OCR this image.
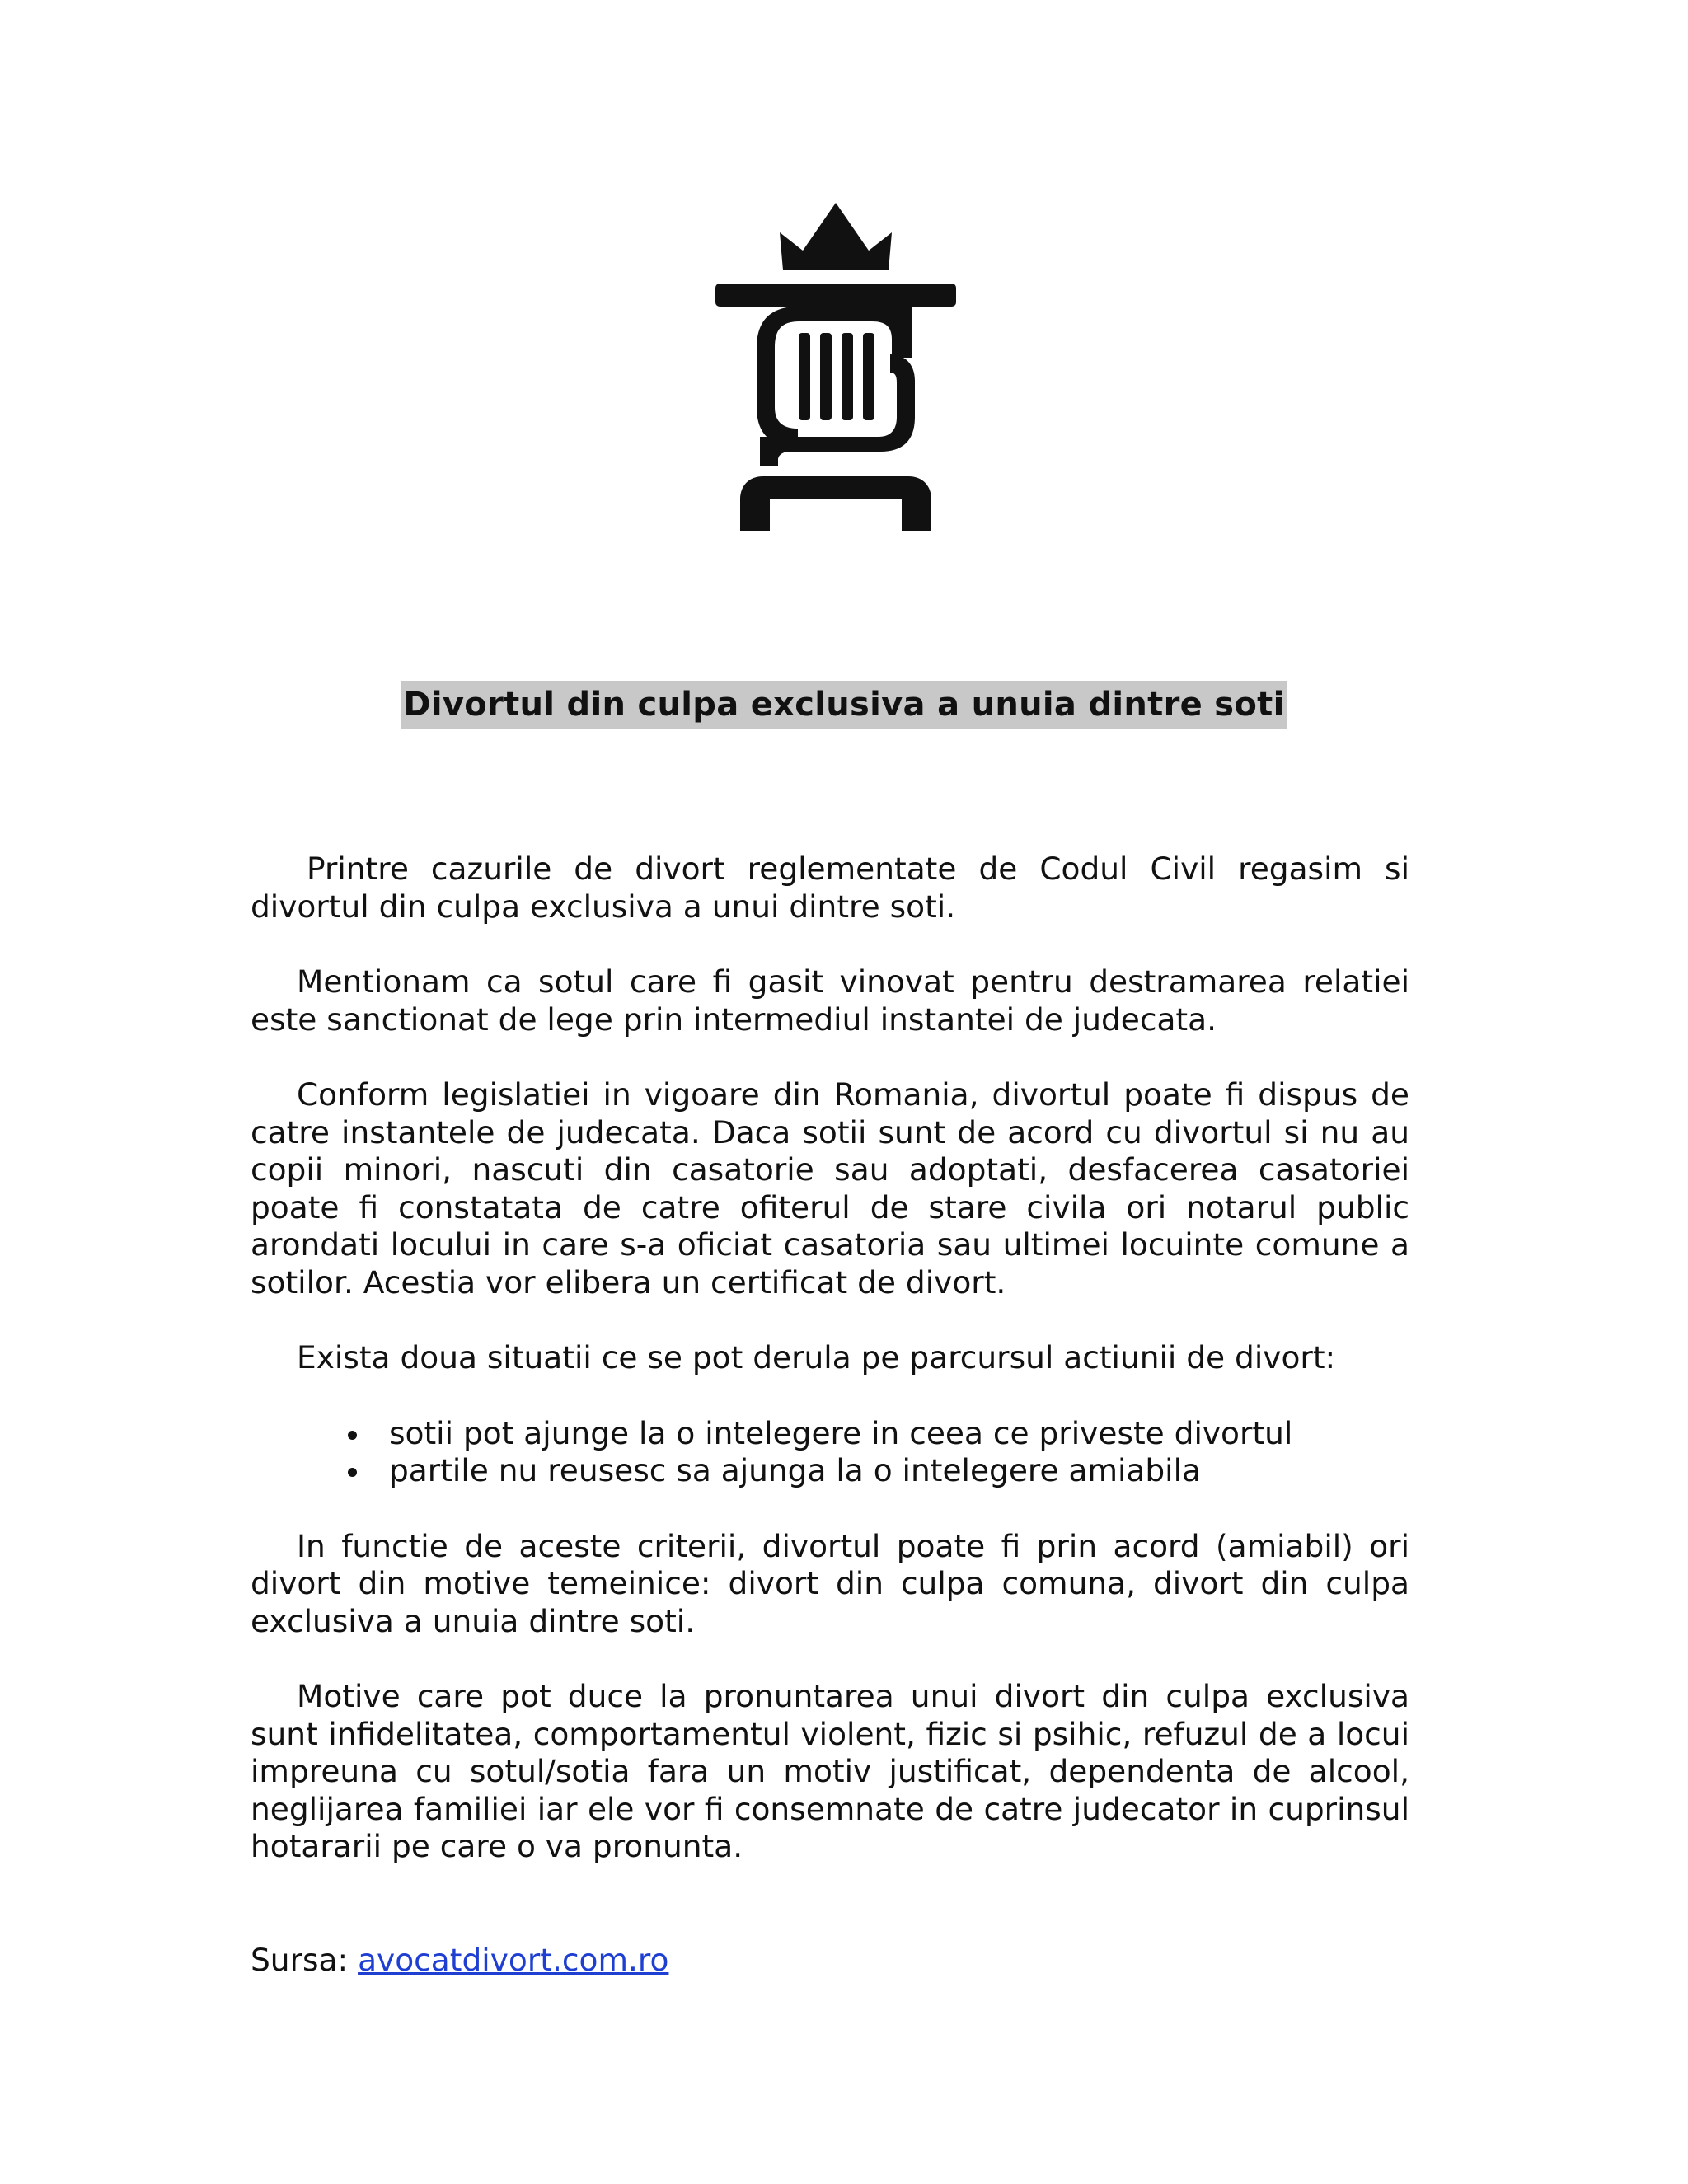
Divortul din culpa exclusiva a unuia dintre soti

Printre cazurile de divort reglementate de Codul Civil regasim si divortul din culpa exclusiva a unui dintre soti.

Mentionam ca sotul care fi gasit vinovat pentru destramarea relatiei este sanctionat de lege prin intermediul instantei de judecata.

Conform legislatiei in vigoare din Romania, divortul poate fi dispus de catre instantele de judecata. Daca sotii sunt de acord cu divortul si nu au copii minori, nascuti din casatorie sau adoptati, desfacerea casatoriei poate fi constatata de catre ofiterul de stare civila ori notarul public arondati locului in care s-a oficiat casatoria sau ultimei locuinte comune a sotilor. Acestia vor elibera un certificat de divort.

Exista doua situatii ce se pot derula pe parcursul actiunii de divort:

sotii pot ajunge la o intelegere in ceea ce priveste divortul
partile nu reusesc sa ajunga la o intelegere amiabila

In functie de aceste criterii, divortul poate fi prin acord (amiabil) ori divort din motive temeinice: divort din culpa comuna, divort din culpa exclusiva a unuia dintre soti.

Motive care pot duce la pronuntarea unui divort din culpa exclusiva sunt infidelitatea, comportamentul violent, fizic si psihic, refuzul de a locui impreuna cu sotul/sotia fara un motiv justificat, dependenta de alcool, neglijarea familiei iar ele vor fi consemnate de catre judecator in cuprinsul hotararii pe care o va pronunta.

Sursa: avocatdivort.com.ro
